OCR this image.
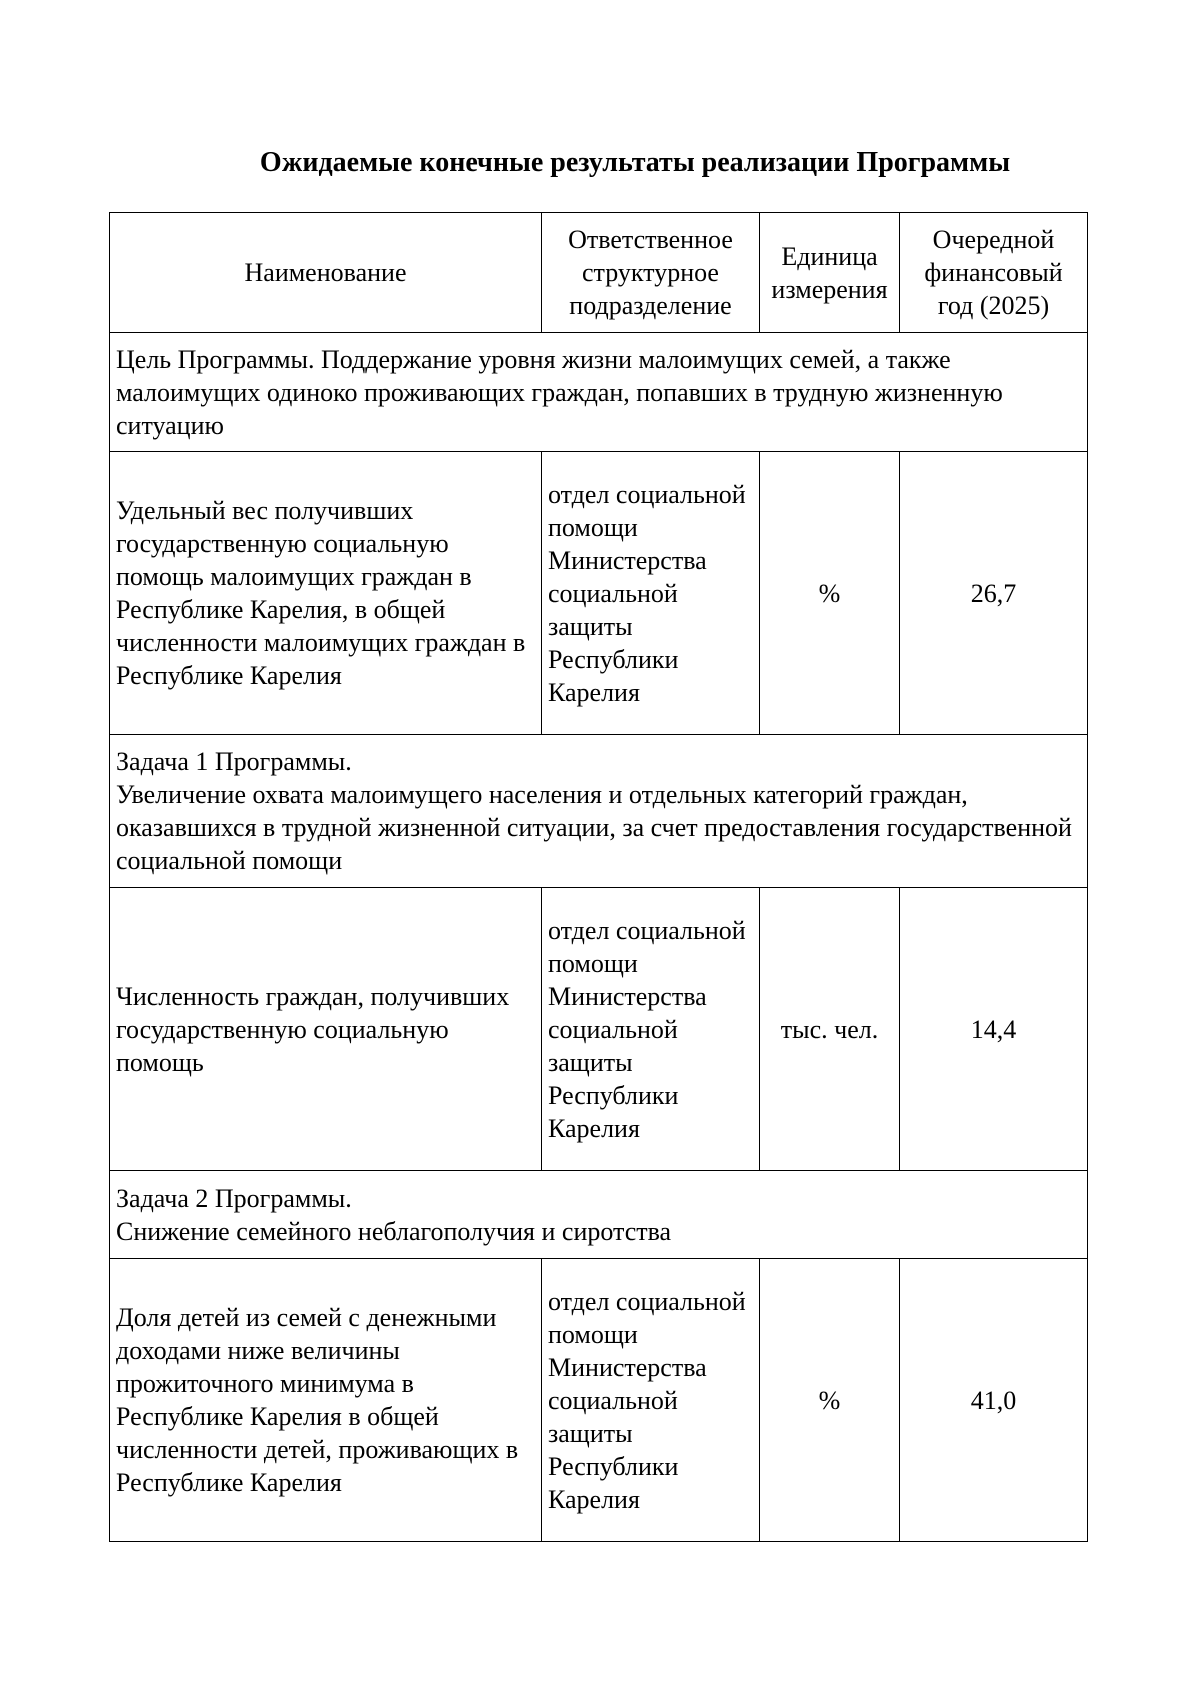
Ожидаемые конечные результаты реализации Программы
Наименование	Ответственное структурное подразделение	Единица измерения	Очередной финансовый год (2025)
Цель Программы. Поддержание уровня жизни малоимущих семей, а также малоимущих одиноко проживающих граждан, попавших в трудную жизненную ситуацию			
Удельный вес получивших государственную социальную помощь малоимущих граждан в Республике Карелия, в общей численности малоимущих граждан в Республике Карелия	отдел социальной помощи Министерства социальной защиты Республики Карелия	%	26,7

Задача 1 Программы.
Увеличение охвата малоимущего населения и отдельных категорий граждан, оказавшихся в трудной жизненной ситуации, за счет предоставления государственной социальной помощи			

Численность граждан, получивших государственную социальную помощь	отдел социальной помощи Министерства социальной защиты Республики Карелия	тыс. чел.	14,4

Задача 2 Программы.
Снижение семейного неблагополучия и сиротства			

Доля детей из семей с денежными доходами ниже величины прожиточного минимума в Республике Карелия в общей численности детей, проживающих в Республике Карелия	отдел социальной помощи Министерства социальной защиты Республики Карелия	%	41,0
